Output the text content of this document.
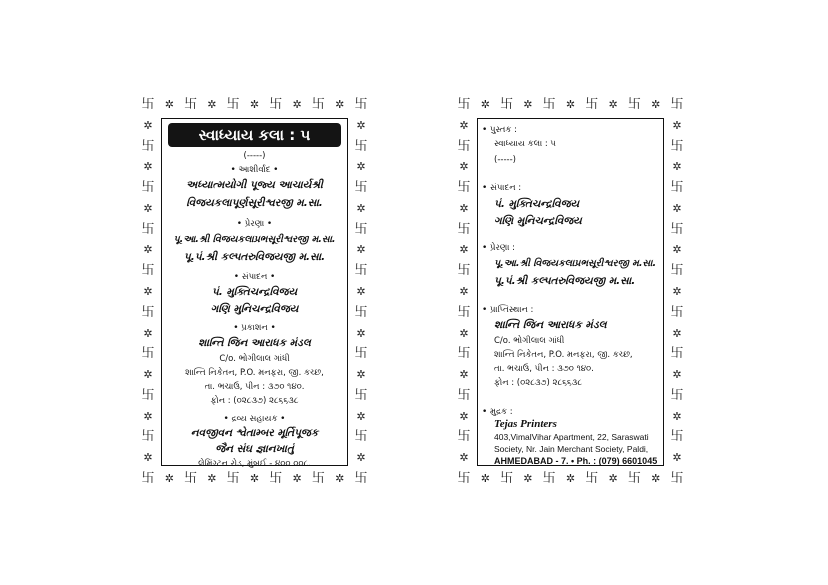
卐
卐
✲
✲
卐
卐
✲
✲
卐
卐
✲
✲
卐
卐
✲
✲
卐
卐
✲
✲
卐
卐
✲	✲
卐	卐
✲	✲
卐	卐
✲	✲
卐	卐
✲	✲
卐	卐
✲	✲
卐	卐
✲	✲
卐	卐
✲	✲
卐	卐
✲	✲
卐	卐
✲	✲
સ્વાધ્યાય કલા : ૫
(-----)
• આશીર્વાદ •
અધ્યાત્મયોગી પૂજ્ય આચાર્યશ્રી
વિજયકલાપૂર્ણસૂરીશ્વરજી મ.સા.
• પ્રેરણા •
પૂ.આ.શ્રી વિજયકલાપ્રભસૂરીશ્વરજી મ.સા.
પૂ.પં.શ્રી કલ્પતરુવિજયજી મ.સા.
• સંપાદન •
પં. મુક્તિચન્દ્રવિજય
ગણિ મુનિચન્દ્રવિજય
• પ્રકાશન •
શાન્તિ જિન આરાધક મંડલ
C/o. ભોગીલાલ ગાંધી
શાન્તિ નિકેતન, P.O. મનફરા, જી. કચ્છ,
તા. ભચાઉ, પીન : ૩૭૦ ૧૪૦.
ફોન : (૦૨૮૩૭) ૨૮૬૬૩૮
• દ્રવ્ય સહાયક •
નવજીવન શ્વેતામ્બર મૂર્તિપૂજક
જૈન સંઘ જ્ઞાનખાતું
લેમિંગ્ટન રોડ, મુંબઈ - ૪૦૦ ૦૦૮.
卐
卐
✲
✲
卐
卐
✲
✲
卐
卐
✲
✲
卐
卐
✲
✲
卐
卐
✲
✲
卐
卐
✲	✲
卐	卐
✲	✲
卐	卐
✲	✲
卐	卐
✲	✲
卐	卐
✲	✲
卐	卐
✲	✲
卐	卐
✲	✲
卐	卐
✲	✲
卐	卐
✲	✲
• પુસ્તક :
સ્વાધ્યાય કલા : ૫
(-----)
• સંપાદન :
પં. મુક્તિચન્દ્રવિજય
ગણિ મુનિચન્દ્રવિજય
• પ્રેરણા :
પૂ.આ.શ્રી વિજયકલાપ્રભસૂરીશ્વરજી મ.સા.
પૂ.પં.શ્રી કલ્પતરુવિજયજી મ.સા.
• પ્રાપ્તિસ્થાન :
શાન્તિ જિન આરાધક મંડલ
C/o. ભોગીલાલ ગાંધી
શાન્તિ નિકેતન, P.O. મનફરા, જી. કચ્છ,
તા. ભચાઉ, પીન : ૩૭૦ ૧૪૦.
ફોન : (૦૨૮૩૭) ૨૮૬૬૩૮
• મુદ્રક :
Tejas Printers
403,VimalVihar Apartment, 22, Saraswati
Society, Nr. Jain Merchant Society, Paldi,
AHMEDABAD - 7. • Ph. : (079) 6601045
